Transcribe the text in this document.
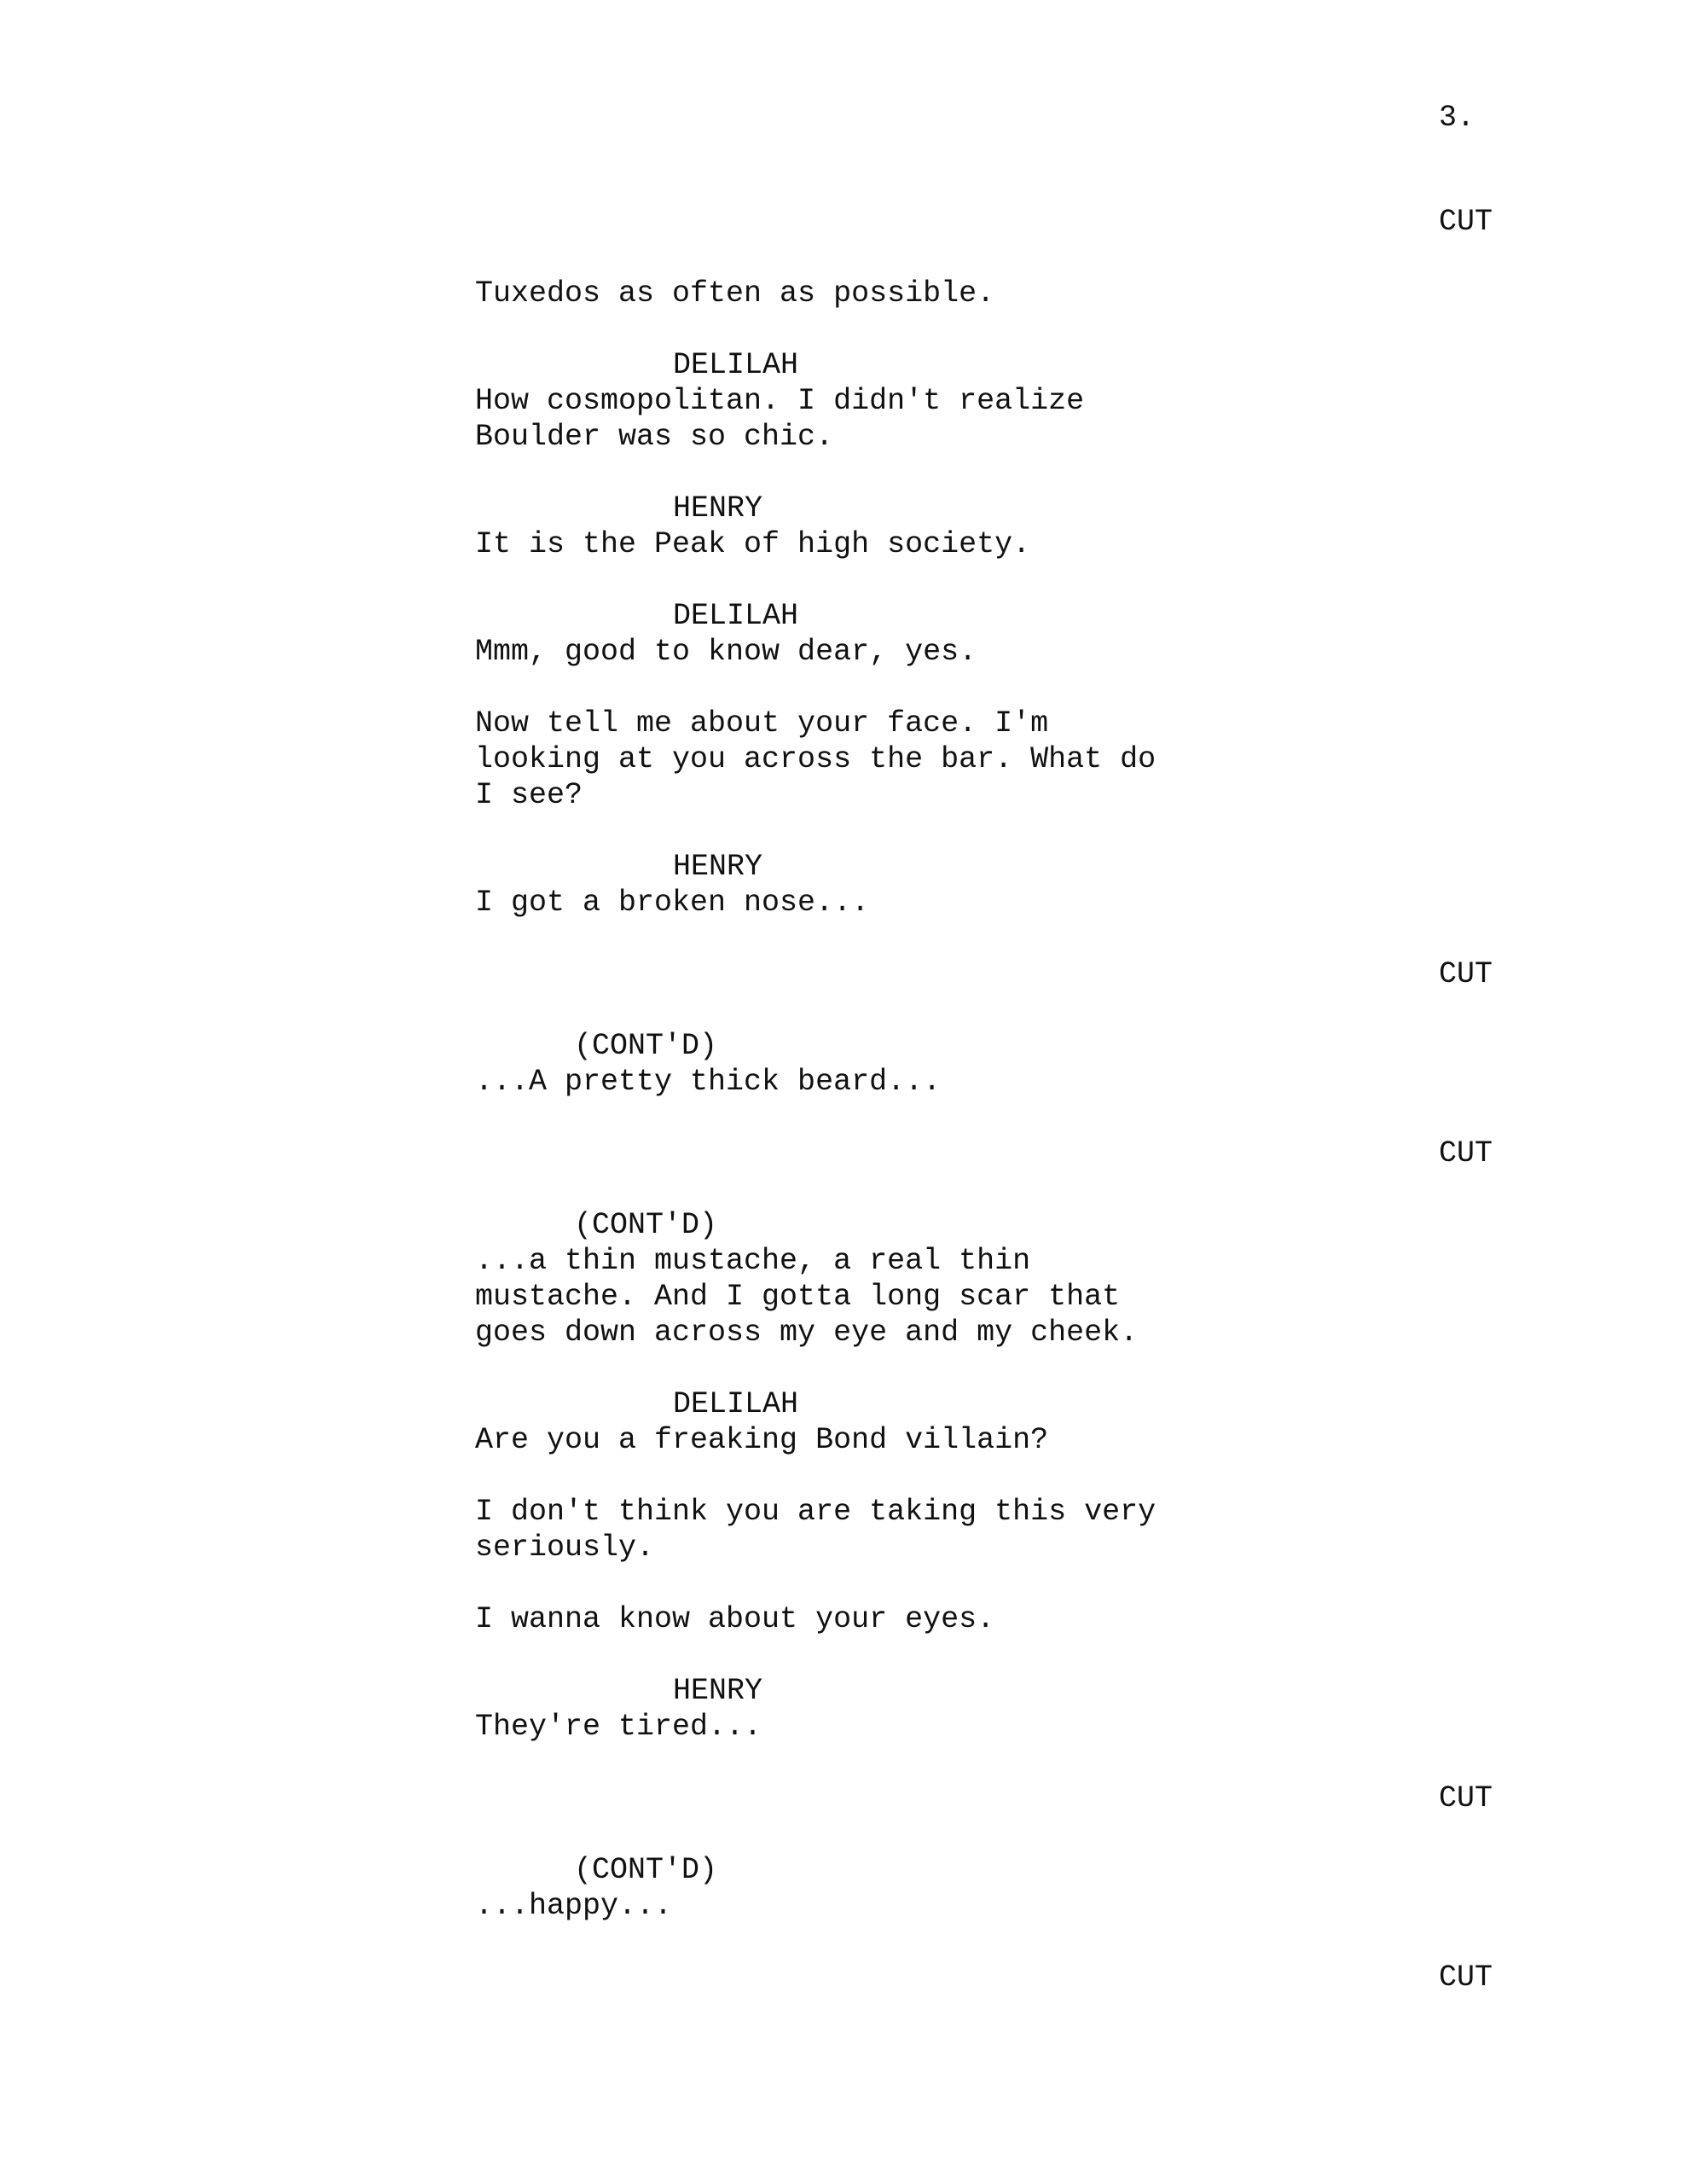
3.
CUT
Tuxedos as often as possible.
DELILAH
How cosmopolitan. I didn't realize
Boulder was so chic.
HENRY
It is the Peak of high society.
DELILAH
Mmm, good to know dear, yes.
Now tell me about your face. I'm
looking at you across the bar. What do
I see?
HENRY
I got a broken nose...
CUT
(CONT'D)
...A pretty thick beard...
CUT
(CONT'D)
...a thin mustache, a real thin
mustache. And I gotta long scar that
goes down across my eye and my cheek.
DELILAH
Are you a freaking Bond villain?
I don't think you are taking this very
seriously.
I wanna know about your eyes.
HENRY
They're tired...
CUT
(CONT'D)
...happy...
CUT
